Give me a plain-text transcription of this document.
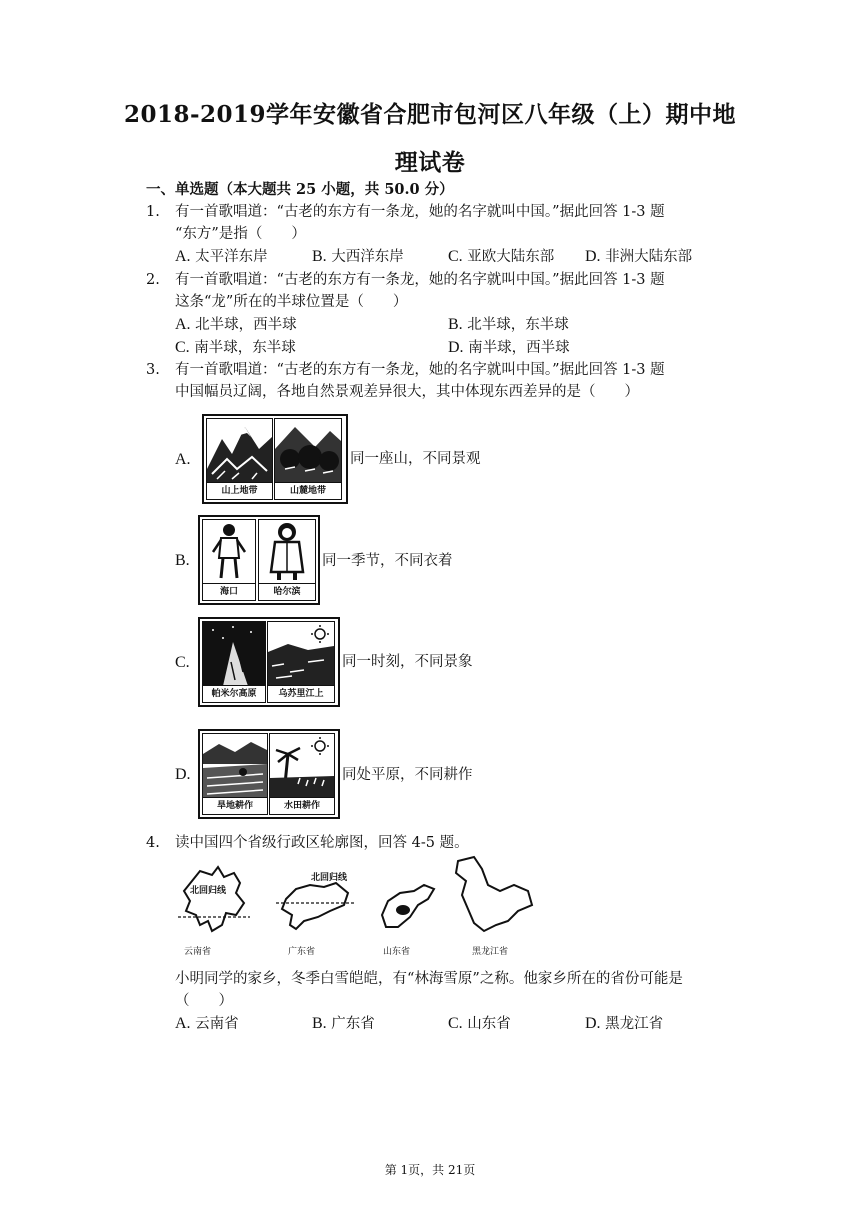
2018-2019学年安徽省合肥市包河区八年级（上）期中地
理试卷
一、单选题（本大题共 25 小题，共 50.0 分）
1. 有一首歌唱道：“古老的东方有一条龙，她的名字就叫中国。”据此回答 1-3 题
“东方”是指（　　）
A. 太平洋东岸	B. 大西洋东岸	C. 亚欧大陆东部 D. 非洲大陆东部
2. 有一首歌唱道：“古老的东方有一条龙，她的名字就叫中国。”据此回答 1-3 题
这条“龙”所在的半球位置是（　　）
A. 北半球，西半球	B. 北半球，东半球
C. 南半球，东半球	D. 南半球，西半球
3. 有一首歌唱道：“古老的东方有一条龙，她的名字就叫中国。”据此回答 1-3 题
中国幅员辽阔，各地自然景观差异很大，其中体现东西差异的是（　　）
A.
山上地带	山麓地带
同一座山，不同景观
B.
海口	哈尔滨
同一季节，不同衣着
C.
帕米尔高原	乌苏里江上
同一时刻，不同景象
D.
旱地耕作	水田耕作
同处平原，不同耕作
4. 读中国四个省级行政区轮廓图，回答 4-5 题。
北回归线
北回归线
云南省	广东省	山东省	黑龙江省
小明同学的家乡，冬季白雪皑皑，有“林海雪原”之称。他家乡所在的省份可能是
（　　）
A. 云南省	B. 广东省	C. 山东省	D. 黑龙江省
第 1页，共 21页
